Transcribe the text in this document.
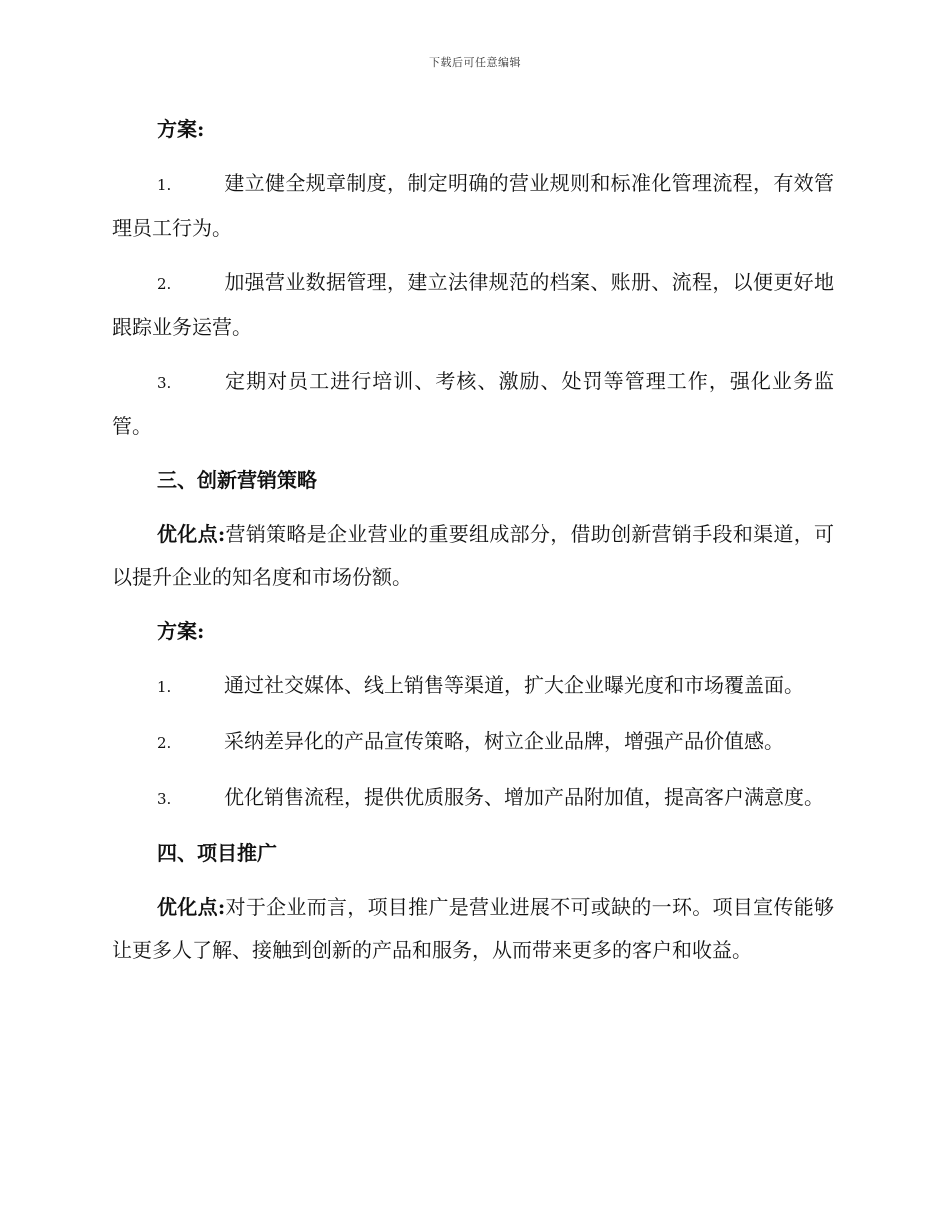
下载后可任意编辑

方案:

1.	建立健全规章制度，制定明确的营业规则和标准化管理流程，有效管理员工行为。

2.	加强营业数据管理，建立法律规范的档案、账册、流程，以便更好地跟踪业务运营。

3.	定期对员工进行培训、考核、激励、处罚等管理工作，强化业务监管。

三、创新营销策略

优化点:营销策略是企业营业的重要组成部分，借助创新营销手段和渠道，可以提升企业的知名度和市场份额。

方案:

1.	通过社交媒体、线上销售等渠道，扩大企业曝光度和市场覆盖面。

2.	采纳差异化的产品宣传策略，树立企业品牌，增强产品价值感。

3.	优化销售流程，提供优质服务、增加产品附加值，提高客户满意度。

四、项目推广

优化点:对于企业而言，项目推广是营业进展不可或缺的一环。项目宣传能够让更多人了解、接触到创新的产品和服务，从而带来更多的客户和收益。
